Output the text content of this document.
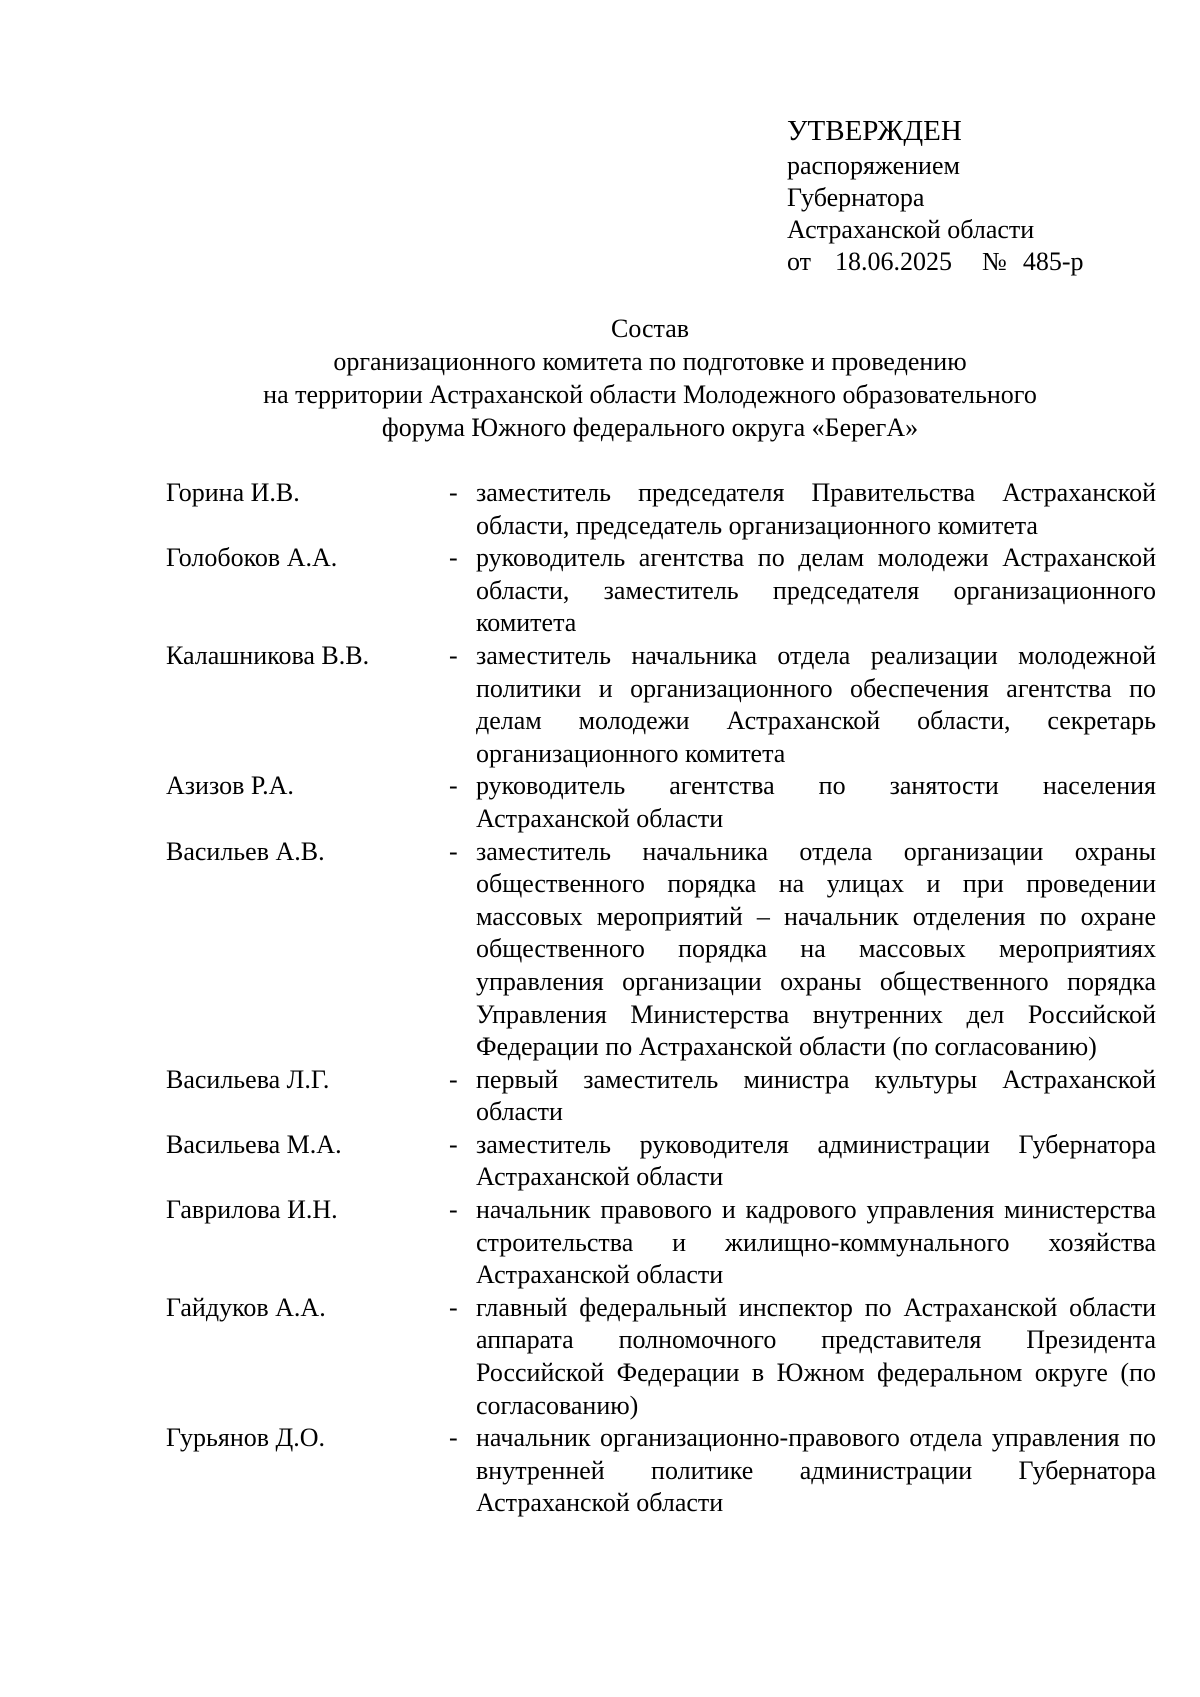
УТВЕРЖДЕН
распоряжением
Губернатора
Астраханской области
от 18.06.2025 № 485-р
Состав
организационного комитета по подготовке и проведению
на территории Астраханской области Молодежного образовательного
форума Южного федерального округа «БерегА»
Горина И.В.	- заместитель председателя Правительства Астраханской области, председатель организационного комитета
Голобоков А.А.	- руководитель агентства по делам молодежи Астраханской области, заместитель председателя организационного комитета
Калашникова В.В.	- заместитель начальника отдела реализации молодежной политики и организационного обеспечения агентства по делам молодежи Астраханской области, секретарь организационного комитета
Азизов Р.А.	- руководитель агентства по занятости населения Астраханской области
Васильев А.В.	- заместитель начальника отдела организации охраны общественного порядка на улицах и при проведении массовых мероприятий – начальник отделения по охране общественного порядка на массовых мероприятиях управления организации охраны общественного порядка Управления Министерства внутренних дел Российской Федерации по Астраханской области (по согласованию)
Васильева Л.Г.	- первый заместитель министра культуры Астраханской области
Васильева М.А.	- заместитель руководителя администрации Губернатора Астраханской области
Гаврилова И.Н.	- начальник правового и кадрового управления министерства строительства и жилищно-коммунального хозяйства Астраханской области
Гайдуков А.А.	- главный федеральный инспектор по Астраханской области аппарата полномочного представителя Президента Российской Федерации в Южном федеральном округе (по согласованию)
Гурьянов Д.О.	- начальник организационно-правового отдела управления по внутренней политике администрации Губернатора Астраханской области
